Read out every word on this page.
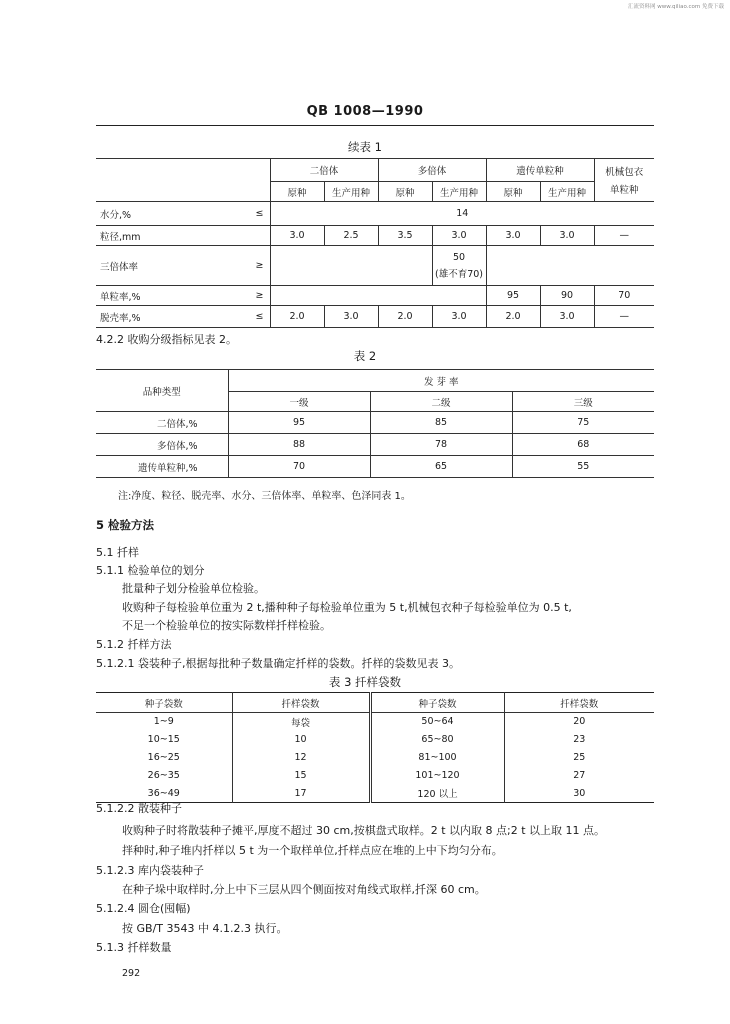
汇流资料网 www.qiliao.com 免费下载
QB 1008—1990
续表 1
		二倍体		多倍体		遗传单粒种		机械包衣
单粒种

		原种	生产用种	原种	生产用种	原种	生产用种	
水分,%	≤	14						
粒径,mm		3.0	2.5	3.5	3.0	3.0	3.0	—
三倍体率	≥				50
(雄不育70)			

单粒率,%	≥					95	90	70
脱壳率,%	≤	2.0	3.0	2.0	3.0	2.0	3.0	—
4.2.2 收购分级指标见表 2。
表 2
品种类型	发 芽 率		
	一级	二级	三级
二倍体,%	95	85	75
多倍体,%	88	78	68
遗传单粒种,%	70	65	55
注:净度、粒径、脱壳率、水分、三倍体率、单粒率、色泽同表 1。
5 检验方法
5.1 扦样
5.1.1 检验单位的划分
批量种子划分检验单位检验。
收购种子每检验单位重为 2 t,播种种子每检验单位重为 5 t,机械包衣种子每检验单位为 0.5 t,
不足一个检验单位的按实际数样扦样检验。
5.1.2 扦样方法
5.1.2.1 袋装种子,根据每批种子数量确定扦样的袋数。扦样的袋数见表 3。
表 3 扦样袋数
种子袋数	扦样袋数	种子袋数	扦样袋数
1~9	每袋	50~64	20
10~15	10	65~80	23
16~25	12	81~100	25
26~35	15	101~120	27
36~49	17	120 以上	30
5.1.2.2 散装种子
收购种子时将散装种子摊平,厚度不超过 30 cm,按棋盘式取样。2 t 以内取 8 点;2 t 以上取 11 点。
拌种时,种子堆内扦样以 5 t 为一个取样单位,扦样点应在堆的上中下均匀分布。
5.1.2.3 库内袋装种子
在种子垛中取样时,分上中下三层从四个侧面按对角线式取样,扦深 60 cm。
5.1.2.4 圆仓(囤幅)
按 GB/T 3543 中 4.1.2.3 执行。
5.1.3 扦样数量
292
